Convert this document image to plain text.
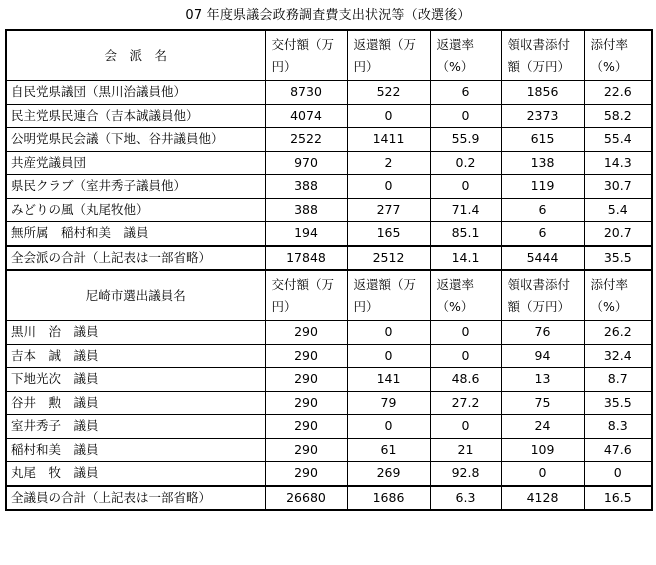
07 年度県議会政務調査費支出状況等（改選後）
会　派　名	交付額（万円）	返還額（万円）	返還率（%）	領収書添付額（万円）	添付率（%）
自民党県議団（黒川治議員他）	8730	522	6	1856	22.6
民主党県民連合（吉本誠議員他）	4074	0	0	2373	58.2
公明党県民会議（下地、谷井議員他）	2522	1411	55.9	615	55.4
共産党議員団	970	2	0.2	138	14.3
県民クラブ（室井秀子議員他）	388	0	0	119	30.7
みどりの風（丸尾牧他）	388	277	71.4	6	5.4
無所属　稲村和美　議員	194	165	85.1	6	20.7
全会派の合計（上記表は一部省略）	17848	2512	14.1	5444	35.5
尼崎市選出議員名	交付額（万円）	返還額（万円）	返還率（%）	領収書添付額（万円）	添付率（%）
黒川　治　議員	290	0	0	76	26.2
吉本　誠　議員	290	0	0	94	32.4
下地光次　議員	290	141	48.6	13	8.7
谷井　勲　議員	290	79	27.2	75	35.5
室井秀子　議員	290	0	0	24	8.3
稲村和美　議員	290	61	21	109	47.6
丸尾　牧　議員	290	269	92.8	0	0
全議員の合計（上記表は一部省略）	26680	1686	6.3	4128	16.5
